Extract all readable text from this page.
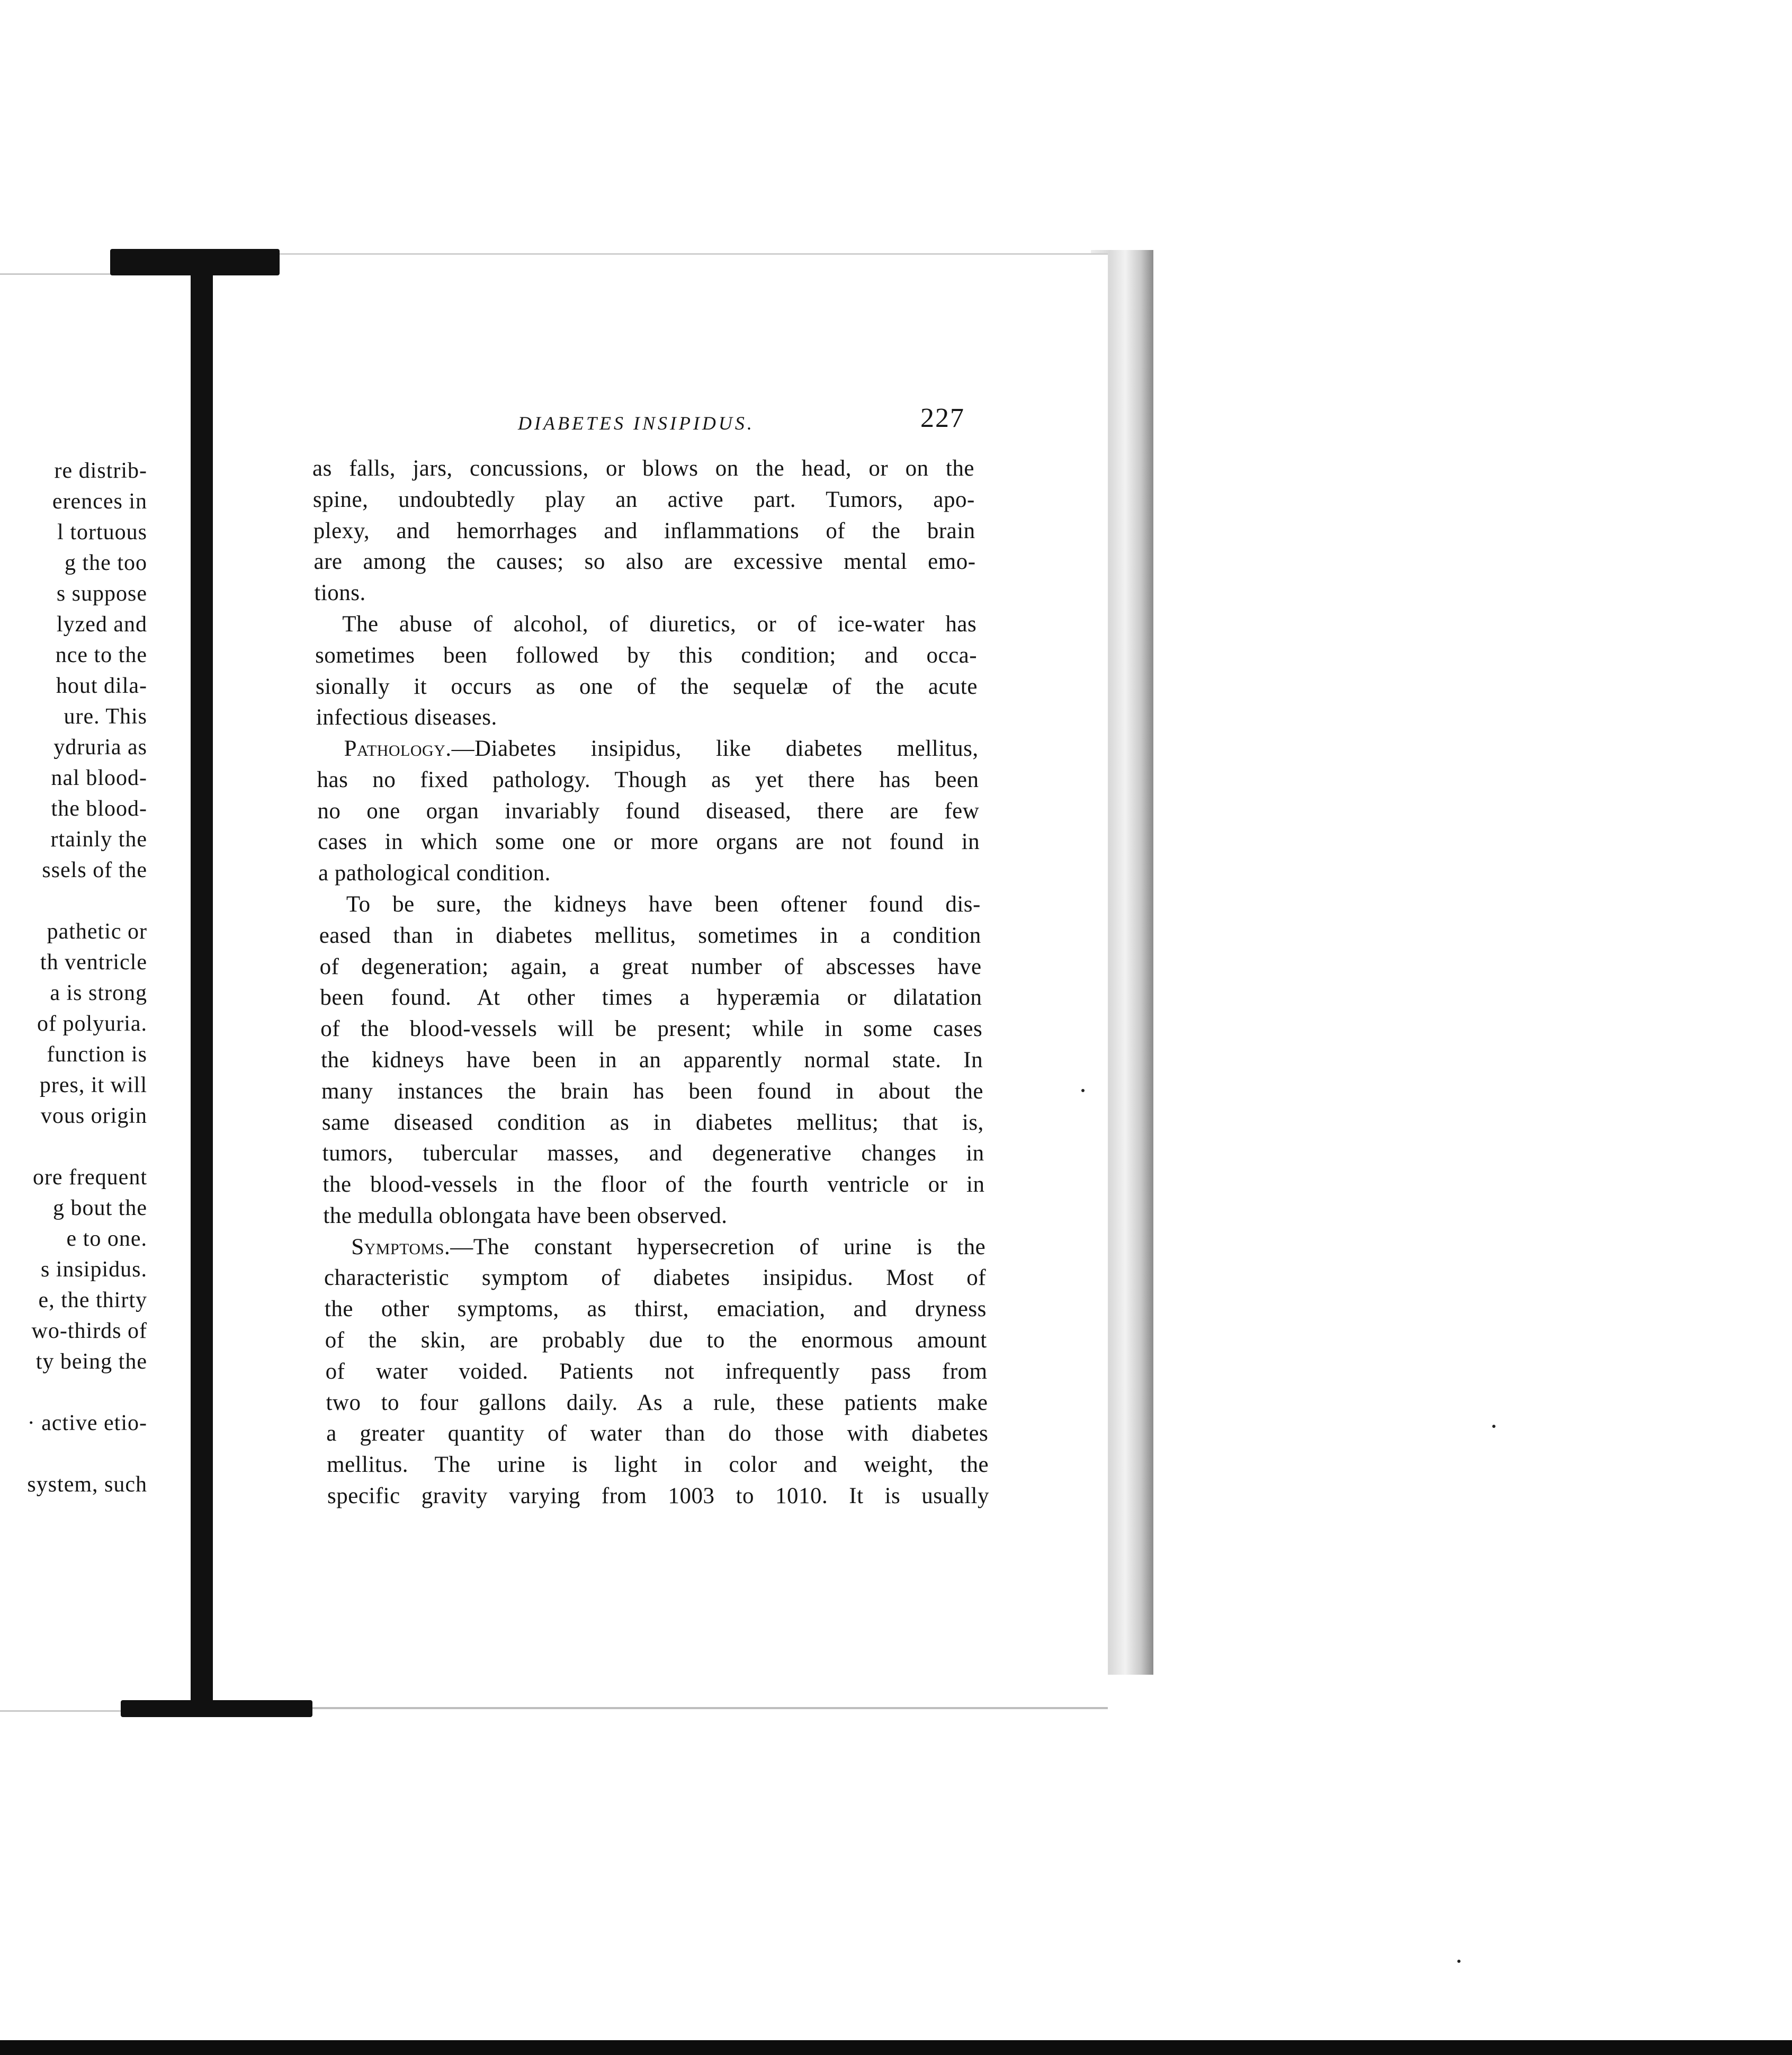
re distrib-
erences in
l tortuous
g the too
s suppose
lyzed and
nce to the
hout dila-
ure. This
ydruria as
nal blood-
the blood-
rtainly the
ssels of the
pathetic or
th ventricle
a is strong
of polyuria.
function is
pres, it will
vous origin
ore frequent
g bout the
e to one.
s insipidus.
e, the thirty
wo-thirds of
ty being the
· active etio-
system, such
DIABETES INSIPIDUS.	227
as falls, jars, concussions, or blows on the head, or on the
spine, undoubtedly play an active part. Tumors, apo-
plexy, and hemorrhages and inflammations of the brain
are among the causes; so also are excessive mental emo-
tions.
The abuse of alcohol, of diuretics, or of ice-water has
sometimes been followed by this condition; and occa-
sionally it occurs as one of the sequelæ of the acute
infectious diseases.
Pathology.—Diabetes insipidus, like diabetes mellitus,
has no fixed pathology. Though as yet there has been
no one organ invariably found diseased, there are few
cases in which some one or more organs are not found in
a pathological condition.
To be sure, the kidneys have been oftener found dis-
eased than in diabetes mellitus, sometimes in a condition
of degeneration; again, a great number of abscesses have
been found. At other times a hyperæmia or dilatation
of the blood-vessels will be present; while in some cases
the kidneys have been in an apparently normal state. In
many instances the brain has been found in about the
same diseased condition as in diabetes mellitus; that is,
tumors, tubercular masses, and degenerative changes in
the blood-vessels in the floor of the fourth ventricle or in
the medulla oblongata have been observed.
Symptoms.—The constant hypersecretion of urine is the
characteristic symptom of diabetes insipidus. Most of
the other symptoms, as thirst, emaciation, and dryness
of the skin, are probably due to the enormous amount
of water voided. Patients not infrequently pass from
two to four gallons daily. As a rule, these patients make
a greater quantity of water than do those with diabetes
mellitus. The urine is light in color and weight, the
specific gravity varying from 1003 to 1010. It is usually
